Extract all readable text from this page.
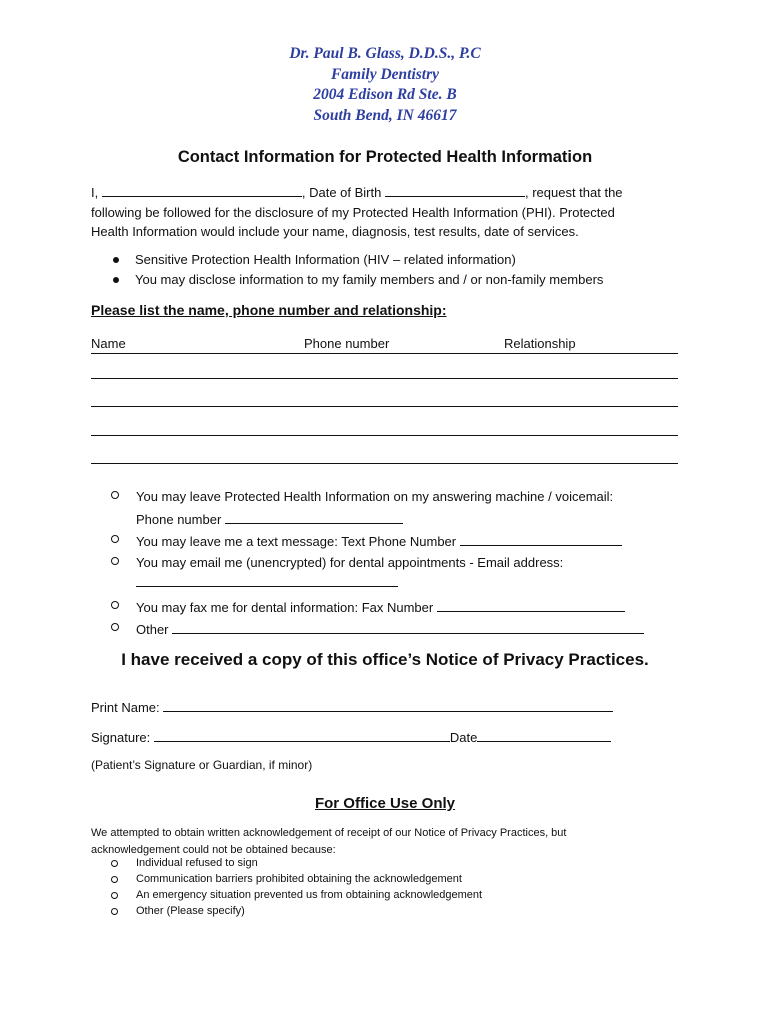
Dr. Paul B. Glass, D.D.S., P.C
Family Dentistry
2004 Edison Rd Ste. B
South Bend, IN 46617
Contact Information for Protected Health Information
I,	, Date of Birth	, request that the
following be followed for the disclosure of my Protected Health Information (PHI). Protected
Health Information would include your name, diagnosis, test results, date of services.
Sensitive Protection Health Information (HIV – related information)
You may disclose information to my family members and / or non-family members
Please list the name, phone number and relationship:
Name	Phone number	Relationship
You may leave Protected Health Information on my answering machine / voicemail:
Phone number
You may leave me a text message: Text Phone Number
You may email me (unencrypted) for dental appointments - Email address:
You may fax me for dental information: Fax Number
Other
I have received a copy of this office’s Notice of Privacy Practices.
Print Name:
Signature:	Date
(Patient’s Signature or Guardian, if minor)
For Office Use Only
We attempted to obtain written acknowledgement of receipt of our Notice of Privacy Practices, but
acknowledgement could not be obtained because:
Individual refused to sign
Communication barriers prohibited obtaining the acknowledgement
An emergency situation prevented us from obtaining acknowledgement
Other (Please specify)
